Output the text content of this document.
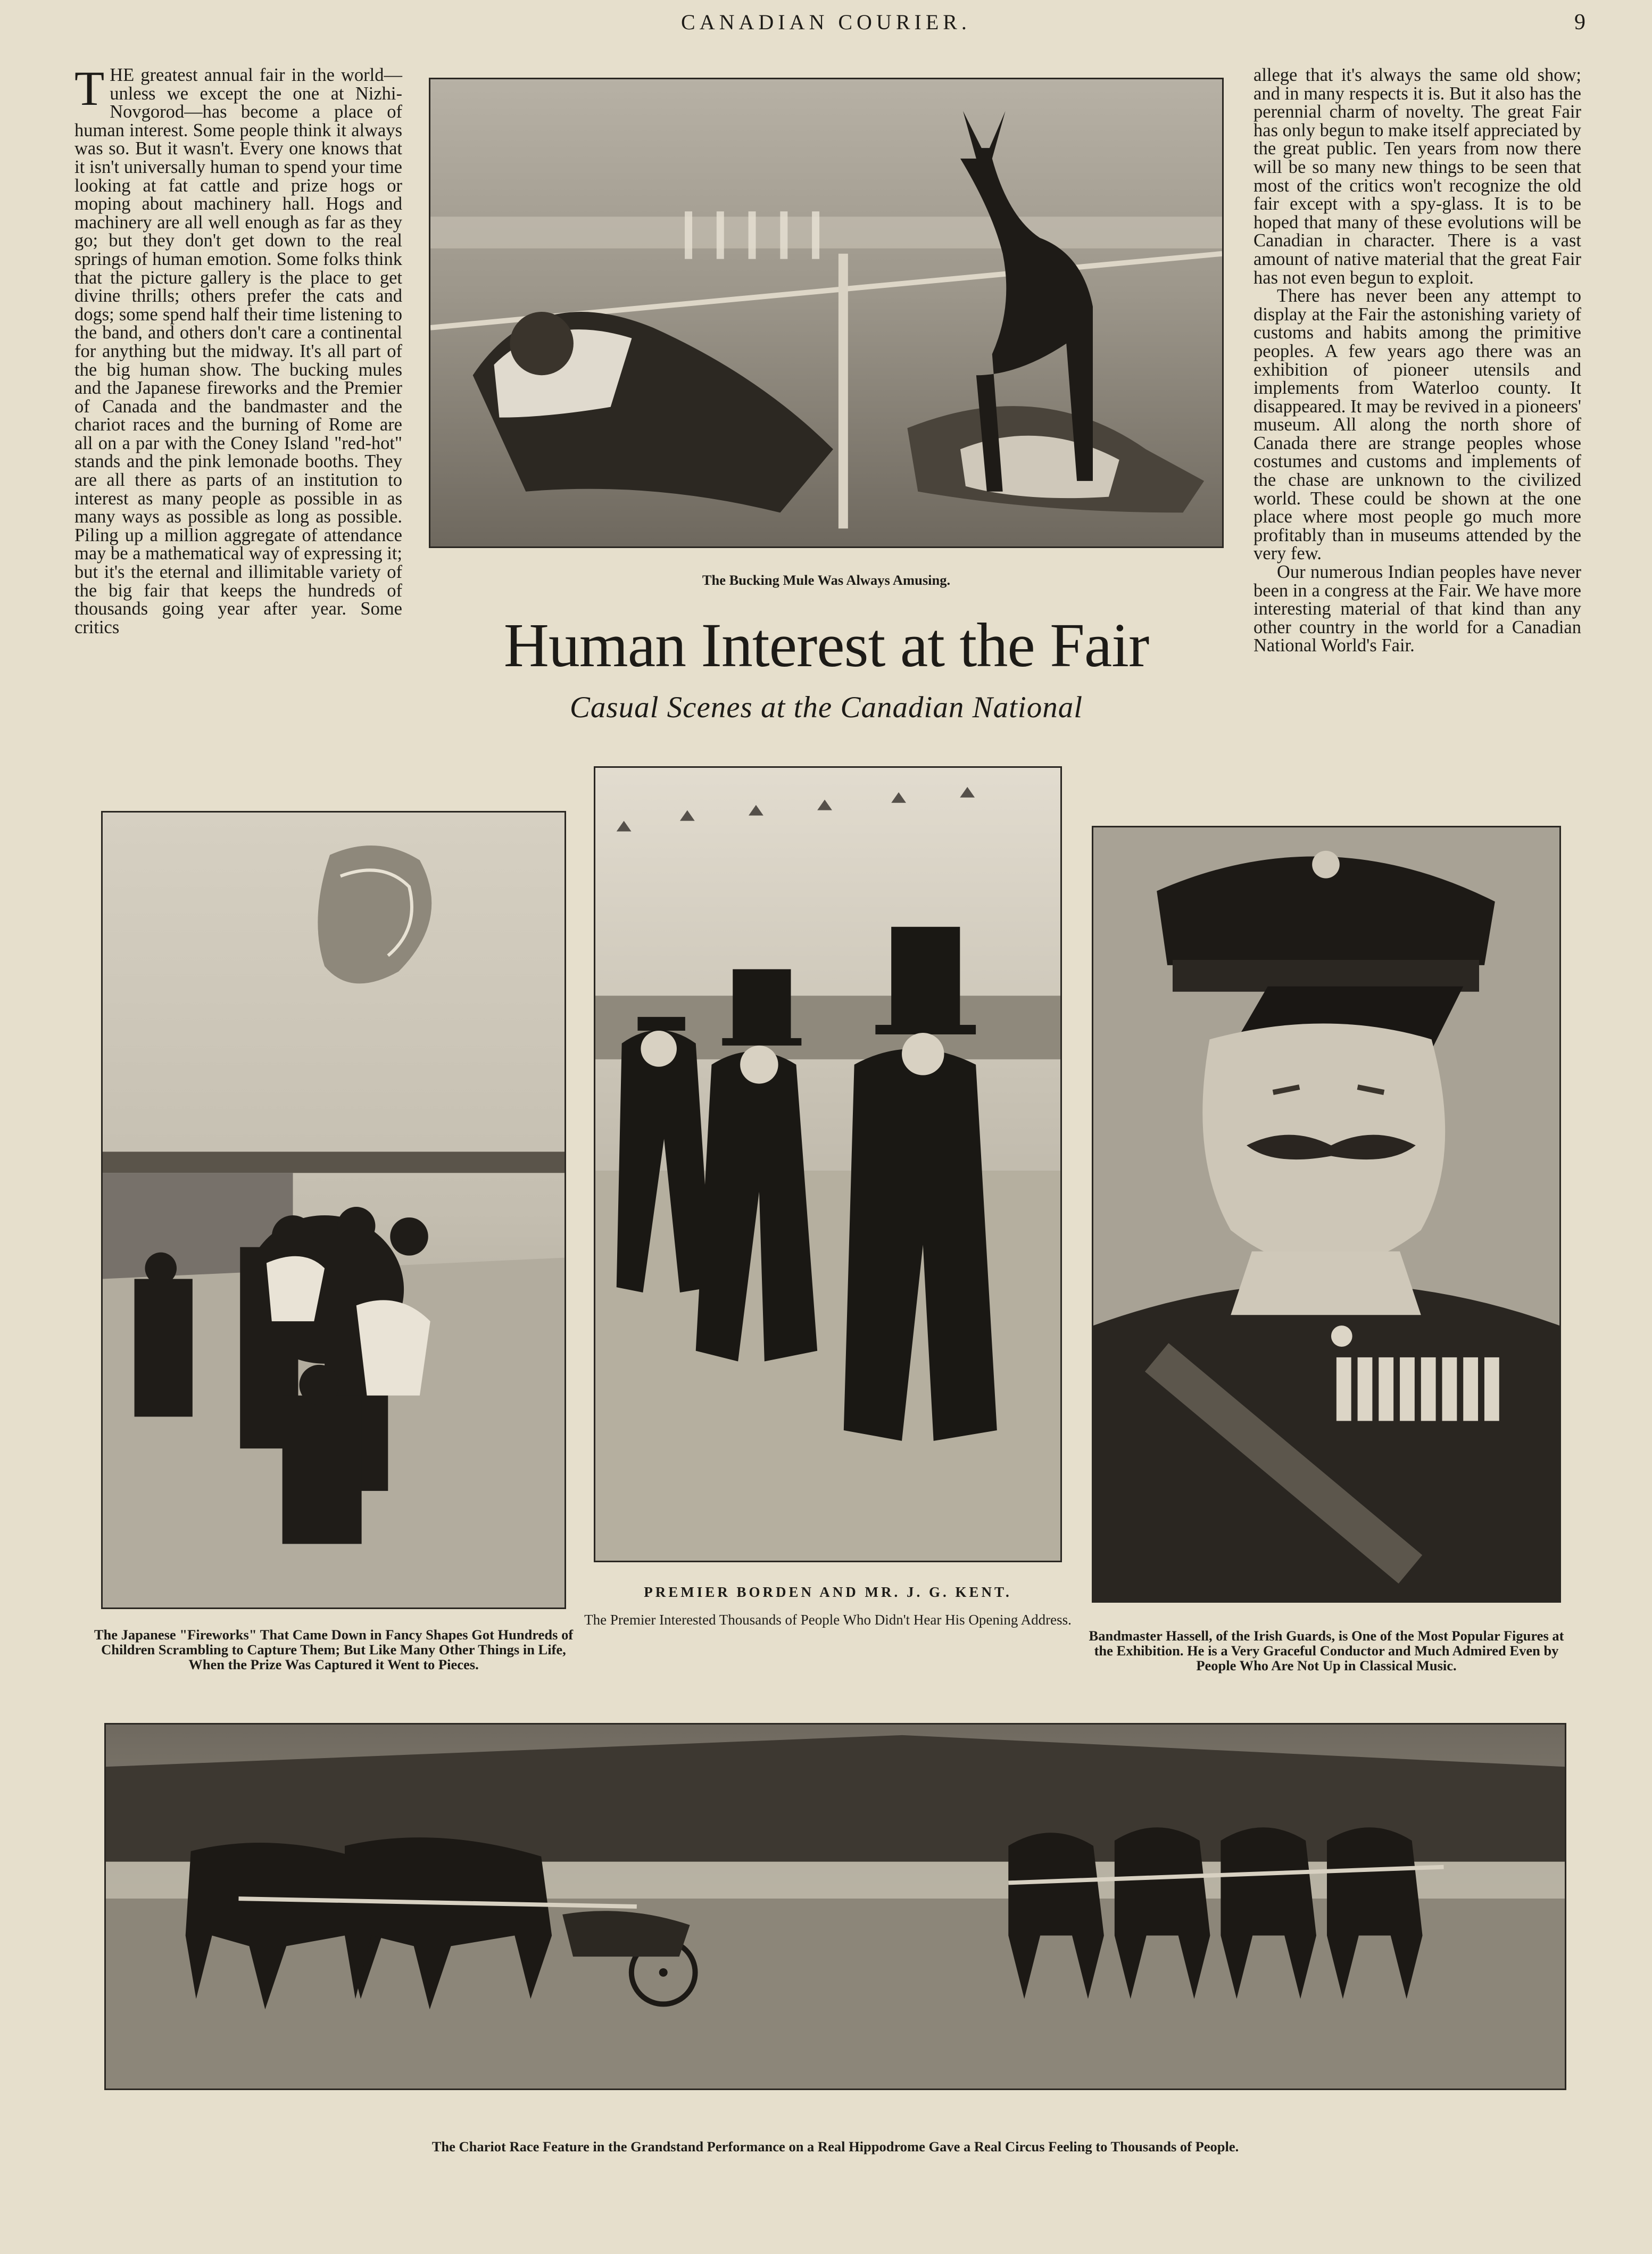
CANADIAN COURIER.	9

THE greatest annual fair in the world—unless we except the one at Nizhi-Novgorod—has become a place of human interest. Some people think it always was so. But it wasn't. Every one knows that it isn't universally human to spend your time looking at fat cattle and prize hogs or moping about machinery hall. Hogs and machinery are all well enough as far as they go; but they don't get down to the real springs of human emotion. Some folks think that the picture gallery is the place to get divine thrills; others prefer the cats and dogs; some spend half their time listening to the band, and others don't care a continental for anything but the midway. It's all part of the big human show. The bucking mules and the Japanese fireworks and the Premier of Canada and the bandmaster and the chariot races and the burning of Rome are all on a par with the Coney Island "red-hot" stands and the pink lemonade booths. They are all there as parts of an institution to interest as many people as possible in as many ways as possible as long as possible. Piling up a million aggregate of attendance may be a mathematical way of expressing it; but it's the eternal and illimitable variety of the big fair that keeps the hundreds of thousands going year after year. Some critics

allege that it's always the same old show; and in many respects it is. But it also has the perennial charm of novelty. The great Fair has only begun to make itself appreciated by the great public. Ten years from now there will be so many new things to be seen that most of the critics won't recognize the old fair except with a spy-glass. It is to be hoped that many of these evolutions will be Canadian in character. There is a vast amount of native material that the great Fair has not even begun to exploit.

There has never been any attempt to display at the Fair the astonishing variety of customs and habits among the primitive peoples. A few years ago there was an exhibition of pioneer utensils and implements from Waterloo county. It disappeared. It may be revived in a pioneers' museum. All along the north shore of Canada there are strange peoples whose costumes and customs and implements of the chase are unknown to the civilized world. These could be shown at the one place where most people go much more profitably than in museums attended by the very few.

Our numerous Indian peoples have never been in a congress at the Fair. We have more interesting material of that kind than any other country in the world for a Canadian National World's Fair.

The Bucking Mule Was Always Amusing.
Human Interest at the Fair
Casual Scenes at the Canadian National
The Japanese "Fireworks" That Came Down in Fancy Shapes Got Hundreds of Children Scrambling to Capture Them; But Like Many Other Things in Life, When the Prize Was Captured it Went to Pieces.
PREMIER BORDEN AND MR. J. G. KENT.
The Premier Interested Thousands of People Who Didn't Hear His Opening Address.
Bandmaster Hassell, of the Irish Guards, is One of the Most Popular Figures at the Exhibition. He is a Very Graceful Conductor and Much Admired Even by People Who Are Not Up in Classical Music.
The Chariot Race Feature in the Grandstand Performance on a Real Hippodrome Gave a Real Circus Feeling to Thousands of People.
